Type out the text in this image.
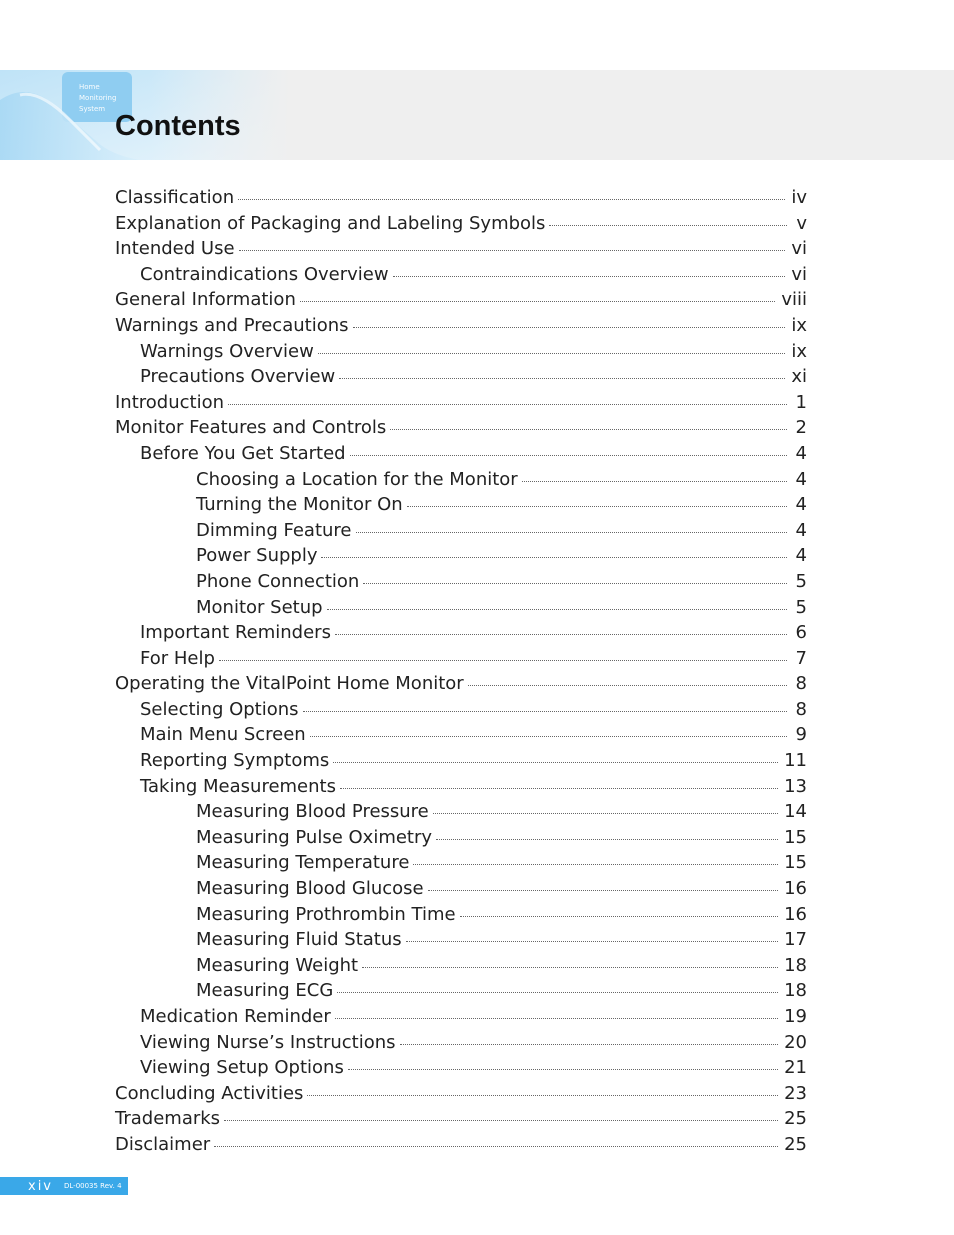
Home Monitoring System
Contents
Classification	iv
Explanation of Packaging and Labeling Symbols	v
Intended Use	vi
Contraindications Overview	vi
General Information	viii
Warnings and Precautions	ix
Warnings Overview	ix
Precautions Overview	xi
Introduction	1
Monitor Features and Controls	2
Before You Get Started	4
Choosing a Location for the Monitor	4
Turning the Monitor On	4
Dimming Feature	4
Power Supply	4
Phone Connection	5
Monitor Setup	5
Important Reminders	6
For Help	7
Operating the VitalPoint Home Monitor	8
Selecting Options	8
Main Menu Screen	9
Reporting Symptoms	11
Taking Measurements	13
Measuring Blood Pressure	14
Measuring Pulse Oximetry	15
Measuring Temperature	15
Measuring Blood Glucose	16
Measuring Prothrombin Time	16
Measuring Fluid Status	17
Measuring Weight	18
Measuring ECG	18
Medication Reminder	19
Viewing Nurse’s Instructions	20
Viewing Setup Options	21
Concluding Activities	23
Trademarks	25
Disclaimer	25
xiv DL-00035 Rev. 4
